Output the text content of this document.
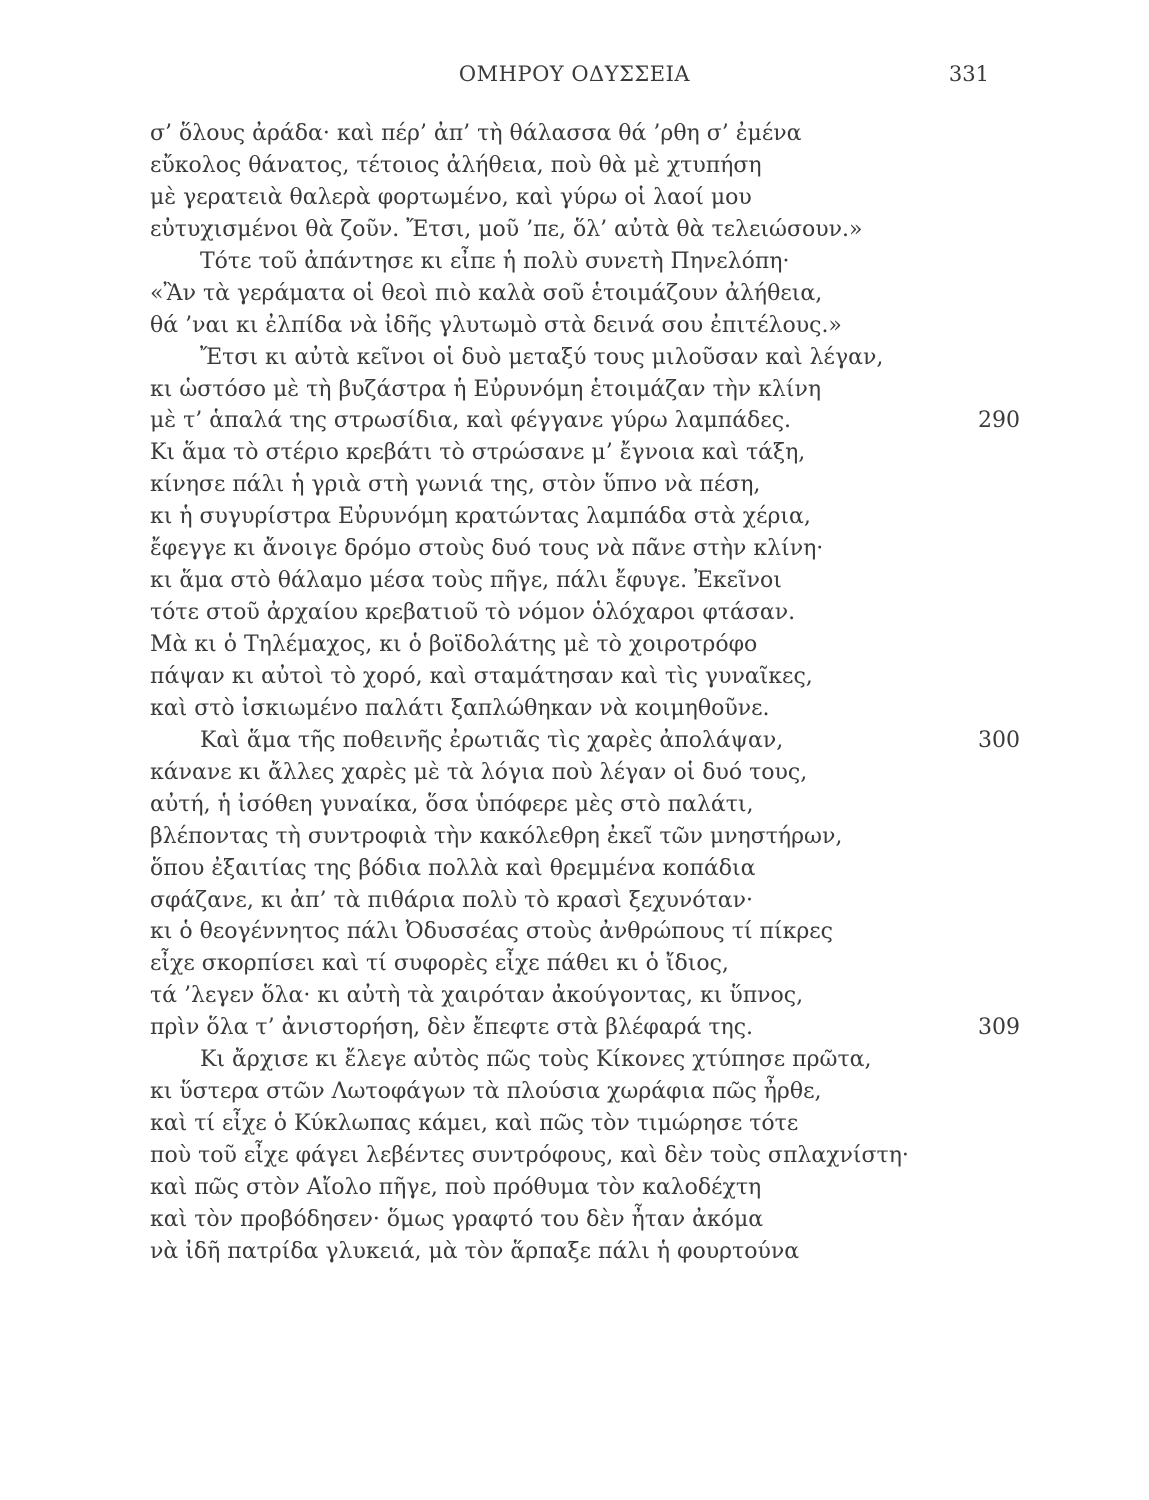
ΟΜΗΡΟΥ ΟΔΥΣΣΕΙΑ	331
σ’ ὅλους ἀράδα· καὶ πέρ’ ἀπ’ τὴ θάλασσα θά ’ρθη σ’ ἐμένα
εὔκολος θάνατος, τέτοιος ἀλήθεια, ποὺ θὰ μὲ χτυπήση
μὲ γερατειὰ θαλερὰ φορτωμένο, καὶ γύρω οἱ λαοί μου
εὐτυχισμένοι θὰ ζοῦν. Ἔτσι, μοῦ ’πε, ὅλ’ αὐτὰ θὰ τελειώσουν.»
Τότε τοῦ ἀπάντησε κι εἶπε ἡ πολὺ συνετὴ Πηνελόπη·
«Ἂν τὰ γεράματα οἱ θεοὶ πιὸ καλὰ σοῦ ἑτοιμάζουν ἀλήθεια,
θά ’ναι κι ἐλπίδα νὰ ἰδῆς γλυτωμὸ στὰ δεινά σου ἐπιτέλους.»
Ἔτσι κι αὐτὰ κεῖνοι οἱ δυὸ μεταξύ τους μιλοῦσαν καὶ λέγαν,
κι ὡστόσο μὲ τὴ βυζάστρα ἡ Εὐρυνόμη ἑτοιμάζαν τὴν κλίνη
μὲ τ’ ἁπαλά της στρωσίδια, καὶ φέγγανε γύρω λαμπάδες.	290
Κι ἅμα τὸ στέριο κρεβάτι τὸ στρώσανε μ’ ἔγνοια καὶ τάξη,
κίνησε πάλι ἡ γριὰ στὴ γωνιά της, στὸν ὕπνο νὰ πέση,
κι ἡ συγυρίστρα Εὐρυνόμη κρατώντας λαμπάδα στὰ χέρια,
ἔφεγγε κι ἄνοιγε δρόμο στοὺς δυό τους νὰ πᾶνε στὴν κλίνη·
κι ἅμα στὸ θάλαμο μέσα τοὺς πῆγε, πάλι ἔφυγε. Ἐκεῖνοι
τότε στοῦ ἀρχαίου κρεβατιοῦ τὸ νόμον ὁλόχαροι φτάσαν.
Μὰ κι ὁ Τηλέμαχος, κι ὁ βοϊδολάτης μὲ τὸ χοιροτρόφο
πάψαν κι αὐτοὶ τὸ χορό, καὶ σταμάτησαν καὶ τὶς γυναῖκες,
καὶ στὸ ἰσκιωμένο παλάτι ξαπλώθηκαν νὰ κοιμηθοῦνε.
Καὶ ἅμα τῆς ποθεινῆς ἐρωτιᾶς τὶς χαρὲς ἀπολάψαν,	300
κάνανε κι ἄλλες χαρὲς μὲ τὰ λόγια ποὺ λέγαν οἱ δυό τους,
αὐτή, ἡ ἰσόθεη γυναίκα, ὅσα ὑπόφερε μὲς στὸ παλάτι,
βλέποντας τὴ συντροφιὰ τὴν κακόλεθρη ἐκεῖ τῶν μνηστήρων,
ὅπου ἐξαιτίας της βόδια πολλὰ καὶ θρεμμένα κοπάδια
σφάζανε, κι ἀπ’ τὰ πιθάρια πολὺ τὸ κρασὶ ξεχυνόταν·
κι ὁ θεογέννητος πάλι Ὀδυσσέας στοὺς ἀνθρώπους τί πίκρες
εἶχε σκορπίσει καὶ τί συφορὲς εἶχε πάθει κι ὁ ἴδιος,
τά ’λεγεν ὅλα· κι αὐτὴ τὰ χαιρόταν ἀκούγοντας, κι ὕπνος,
πρὶν ὅλα τ’ ἀνιστορήση, δὲν ἔπεφτε στὰ βλέφαρά της.	309
Κι ἄρχισε κι ἔλεγε αὐτὸς πῶς τοὺς Κίκονες χτύπησε πρῶτα,
κι ὕστερα στῶν Λωτοφάγων τὰ πλούσια χωράφια πῶς ἦρθε,
καὶ τί εἶχε ὁ Κύκλωπας κάμει, καὶ πῶς τὸν τιμώρησε τότε
ποὺ τοῦ εἶχε φάγει λεβέντες συντρόφους, καὶ δὲν τοὺς σπλαχνίστη·
καὶ πῶς στὸν Αἴολο πῆγε, ποὺ πρόθυμα τὸν καλοδέχτη
καὶ τὸν προβόδησεν· ὅμως γραφτό του δὲν ἦταν ἀκόμα
νὰ ἰδῆ πατρίδα γλυκειά, μὰ τὸν ἅρπαξε πάλι ἡ φουρτούνα
